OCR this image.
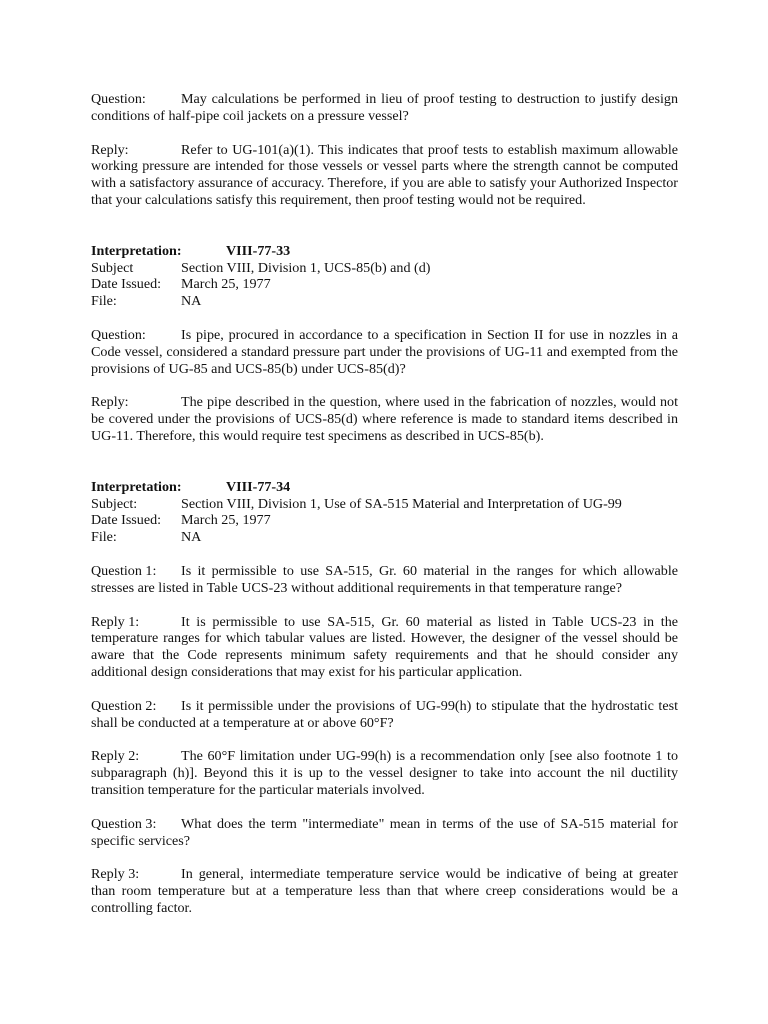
Question: May calculations be performed in lieu of proof testing to destruction to justify design conditions of half-pipe coil jackets on a pressure vessel?

Reply:	Refer to UG-101(a)(1). This indicates that proof tests to establish maximum allowable working pressure are intended for those vessels or vessel parts where the strength cannot be computed with a satisfactory assurance of accuracy. Therefore, if you are able to satisfy your Authorized Inspector that your calculations satisfy this requirement, then proof testing would not be required.

Interpretation:	VIII-77-33
Subject	Section VIII, Division 1, UCS-85(b) and (d)
Date Issued:	March 25, 1977
File:	NA

Question: Is pipe, procured in accordance to a specification in Section II for use in nozzles in a Code vessel, considered a standard pressure part under the provisions of UG-11 and exempted from the provisions of UG-85 and UCS-85(b) under UCS-85(d)?

Reply:	The pipe described in the question, where used in the fabrication of nozzles, would not be covered under the provisions of UCS-85(d) where reference is made to standard items described in UG-11. Therefore, this would require test specimens as described in UCS-85(b).

Interpretation:	VIII-77-34
Subject:	Section VIII, Division 1, Use of SA-515 Material and Interpretation of UG-99
Date Issued:	March 25, 1977
File:	NA

Question 1: Is it permissible to use SA-515, Gr. 60 material in the ranges for which allowable stresses are listed in Table UCS-23 without additional requirements in that temperature range?

Reply 1:	It is permissible to use SA-515, Gr. 60 material as listed in Table UCS-23 in the temperature ranges for which tabular values are listed. However, the designer of the vessel should be aware that the Code represents minimum safety requirements and that he should consider any additional design considerations that may exist for his particular application.

Question 2: Is it permissible under the provisions of UG-99(h) to stipulate that the hydrostatic test shall be conducted at a temperature at or above 60°F?

Reply 2:	The 60°F limitation under UG-99(h) is a recommendation only [see also footnote 1 to subparagraph (h)]. Beyond this it is up to the vessel designer to take into account the nil ductility transition temperature for the particular materials involved.

Question 3: What does the term "intermediate" mean in terms of the use of SA-515 material for specific services?

Reply 3:	In general, intermediate temperature service would be indicative of being at greater than room temperature but at a temperature less than that where creep considerations would be a controlling factor.
